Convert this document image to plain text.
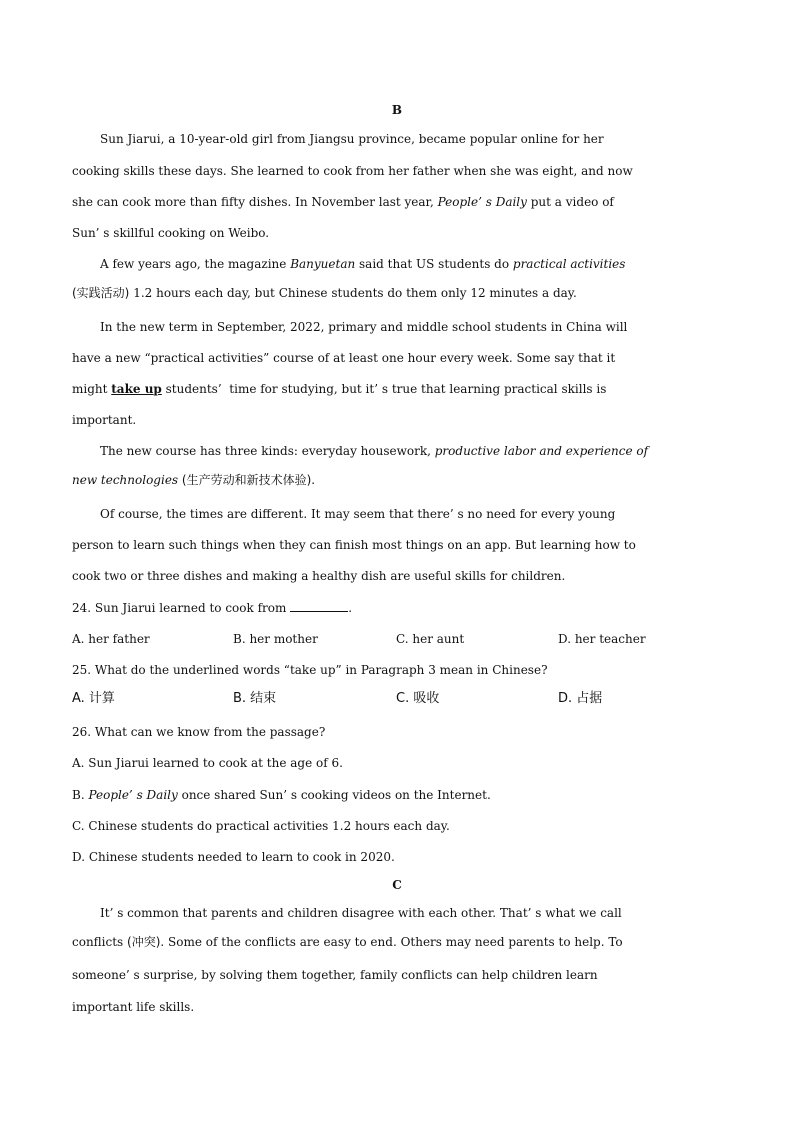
B
Sun Jiarui, a 10-year-old girl from Jiangsu province, became popular online for her
cooking skills these days. She learned to cook from her father when she was eight, and now
she can cook more than fifty dishes. In November last year, People’ s Daily put a video of
Sun’ s skillful cooking on Weibo.
A few years ago, the magazine Banyuetan said that US students do practical activities
(实践活动) 1.2 hours each day, but Chinese students do them only 12 minutes a day.
In the new term in September, 2022, primary and middle school students in China will
have a new “practical activities” course of at least one hour every week. Some say that it
might take up students’  time for studying, but it’ s true that learning practical skills is
important.
The new course has three kinds: everyday housework, productive labor and experience of
new technologies (生产劳动和新技术体验).
Of course, the times are different. It may seem that there’ s no need for every young
person to learn such things when they can finish most things on an app. But learning how to
cook two or three dishes and making a healthy dish are useful skills for children.
24. Sun Jiarui learned to cook from	.
A. her father	B. her mother	C. her aunt	D. her teacher
25. What do the underlined words “take up” in Paragraph 3 mean in Chinese?
A. 计算	B. 结束	C. 吸收	D. 占据
26. What can we know from the passage?
A. Sun Jiarui learned to cook at the age of 6.
B. People’ s Daily once shared Sun’ s cooking videos on the Internet.
C. Chinese students do practical activities 1.2 hours each day.
D. Chinese students needed to learn to cook in 2020.
C
It’ s common that parents and children disagree with each other. That’ s what we call
conflicts (冲突). Some of the conflicts are easy to end. Others may need parents to help. To
someone’ s surprise, by solving them together, family conflicts can help children learn
important life skills.
